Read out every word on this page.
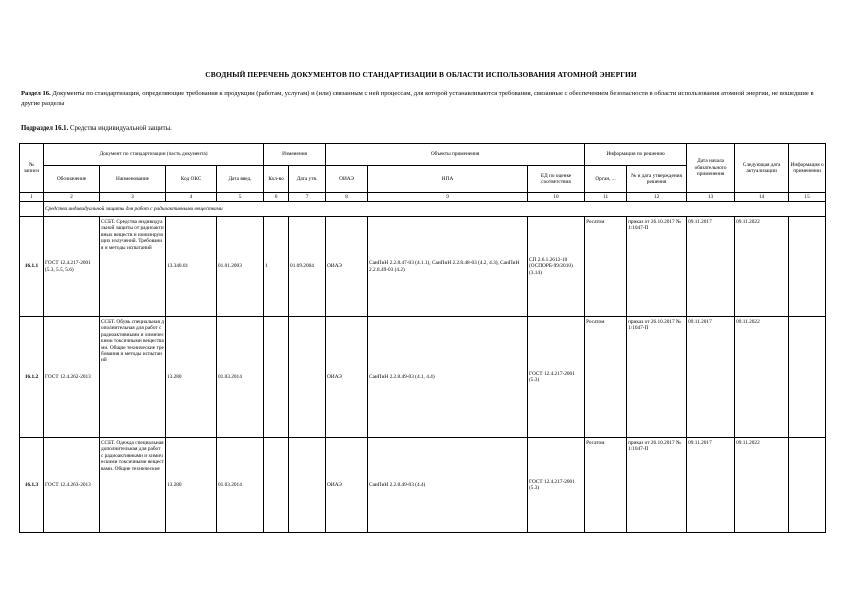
СВОДНЫЙ ПЕРЕЧЕНЬ ДОКУМЕНТОВ ПО СТАНДАРТИЗАЦИИ В ОБЛАСТИ ИСПОЛЬЗОВАНИЯ АТОМНОЙ ЭНЕРГИИ
Раздел 16. Документы по стандартизации, определяющие требования к продукции (работам, услугам) и (или) связанным с ней процессам, для которой устанавливаются требования, связанные с обеспечением безопасности в области использования атомной энергии, не вошедшие в другие разделы
Подраздел 16.1. Средства индивидуальной защиты.
№ записи	Документ по стандартизации (часть документа)				Изменения		Объекты применения			Информация по решению		Дата начала обязательного применения	Следующая дата актуализации	Информация о применении
	Обозначение	Наименование	Код ОКС	Дата введ.	Кол-во	Дата утв.	ОИАЭ	НПА	ЕД по оценке соответствия	Орган, ...	№ и дата утверждения решения			
1	2	3	4	5	6	7	8	9	10	11	12	13	14	15
	Средства индивидуальной защиты для работ с радиоактивными веществами													
16.1.1	ГОСТ 12.4.217-2001 (5.3, 5.5, 5.6)	ССБТ. Средства индивидуальной защиты от радиоактивных веществ и ионизирующих излучений. Требования и методы испытаний	13.340.01	01.01.2003	1	01.09.2004	ОИАЭ	СанПиН 2.2.8.47-03 (4.1.1), СанПиН 2.2.8.48-03 (4.2, 4.3), СанПиН 2.2.8.49-03 (4.2)	СП 2.6.1.2612-10 (ОСПОРБ-99/2010) (3.14)	Росатом	приказ от 26.10.2017 № 1/1047-П	09.11.2017	09.11.2022	
16.1.2	ГОСТ 12.4.262-2013	ССБТ. Обувь специальная дополнительная для работ с радиоактивными и химическими токсичными веществами. Общие технические требования и методы испытаний	13.280	01.03.2014			ОИАЭ	СанПиН 2.2.8.49-03 (4.1, 4.4)	ГОСТ 12.4.217-2001 (5.3)	Росатом	приказ от 26.10.2017 № 1/1047-П	09.11.2017	09.11.2022	
16.1.3	ГОСТ 12.4.263-2013	ССБТ. Одежда специальная дополнительная для работ с радиоактивными и химическими токсичными веществами. Общие технические	13.280	01.03.2014			ОИАЭ	СанПиН 2.2.8.49-03 (4.4)	ГОСТ 12.4.217-2001 (5.3)	Росатом	приказ от 26.10.2017 № 1/1047-П	09.11.2017	09.11.2022	
